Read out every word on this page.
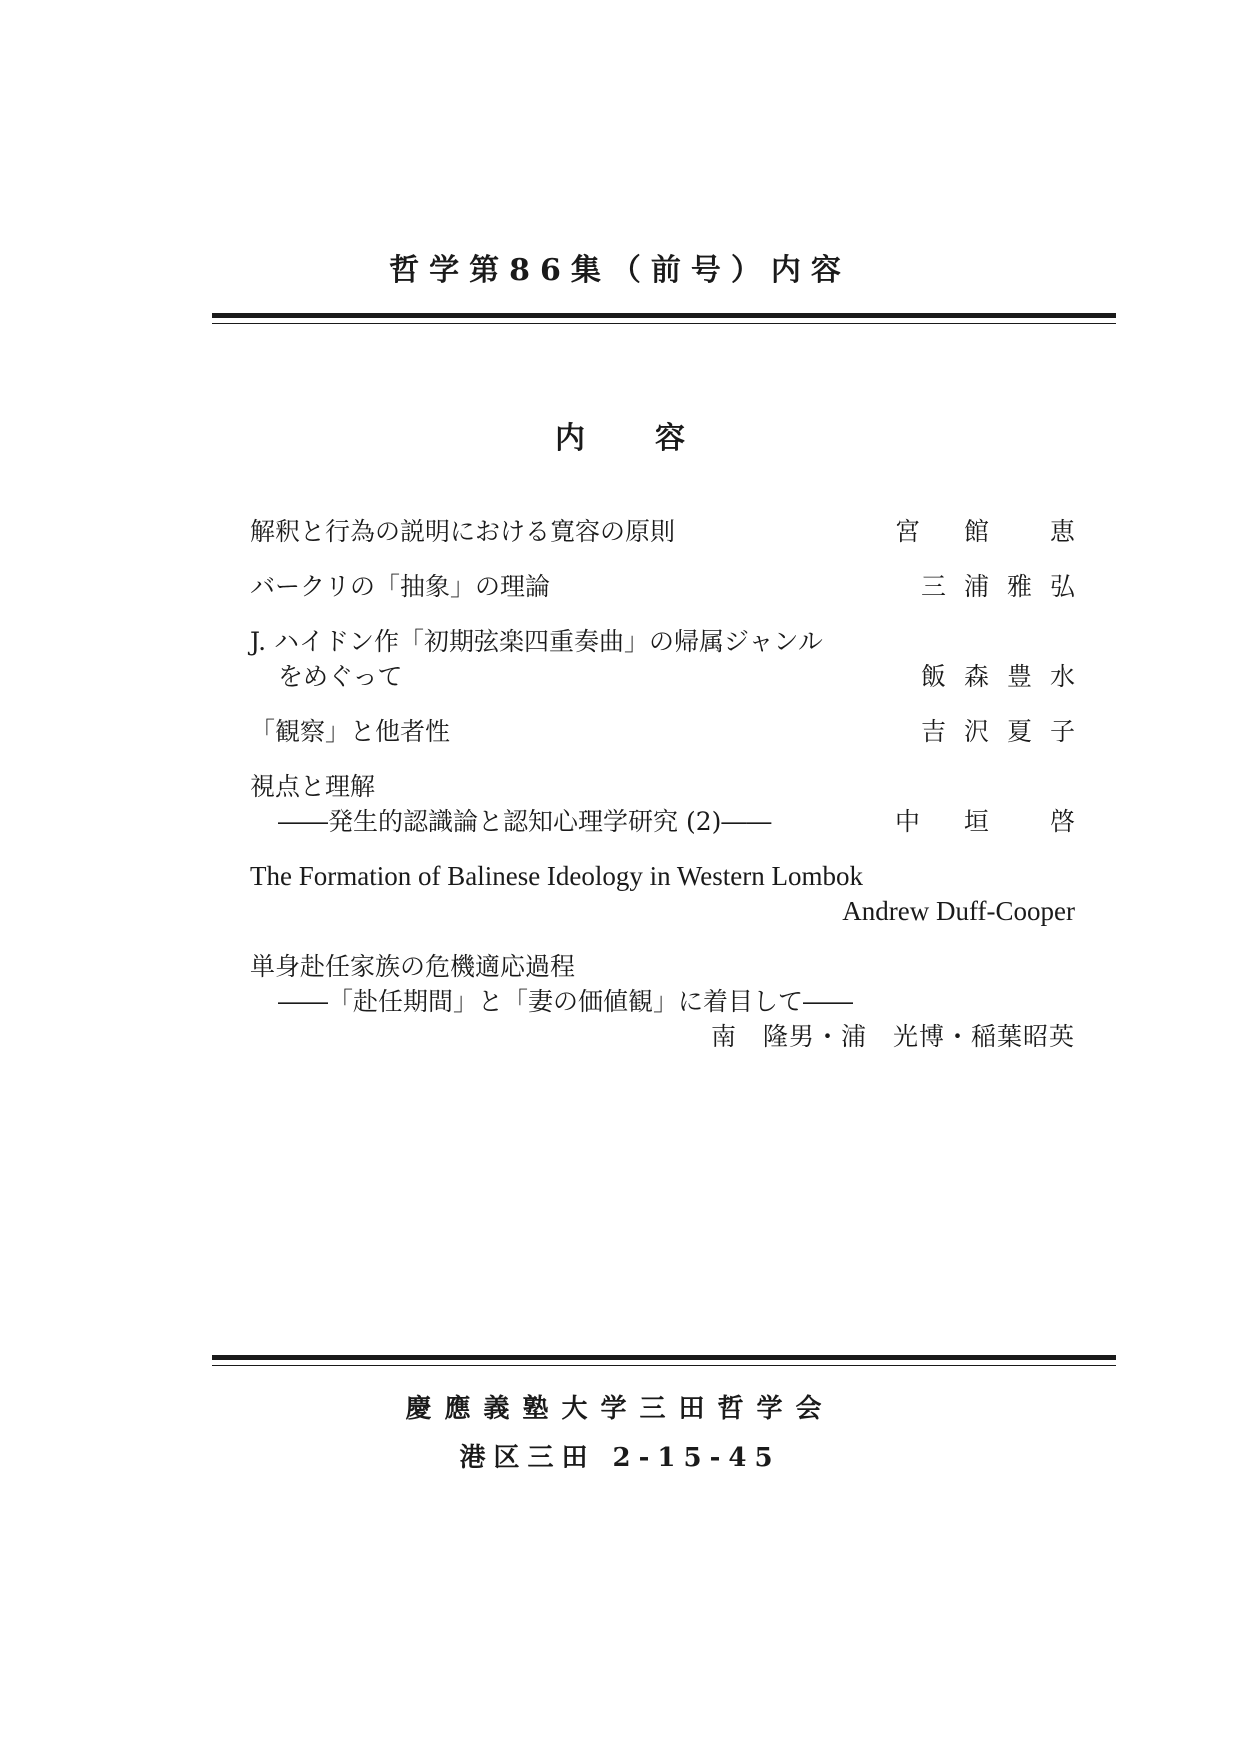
哲学第86集（前号）内容
内容
解釈と行為の説明における寛容の原則	宮 館　恵
バークリの「抽象」の理論	三浦雅弘
J. ハイドン作「初期弦楽四重奏曲」の帰属ジャンル
をめぐって	飯森豊水
「観察」と他者性	吉沢夏子
視点と理解
――発生的認識論と認知心理学研究 (2)――	中 垣　啓
The Formation of Balinese Ideology in Western Lombok
Andrew Duff-Cooper
単身赴任家族の危機適応過程
――「赴任期間」と「妻の価値観」に着目して――
南　隆男・浦　光博・稲葉昭英
慶應義塾大学三田哲学会
港区三田 2-15-45
